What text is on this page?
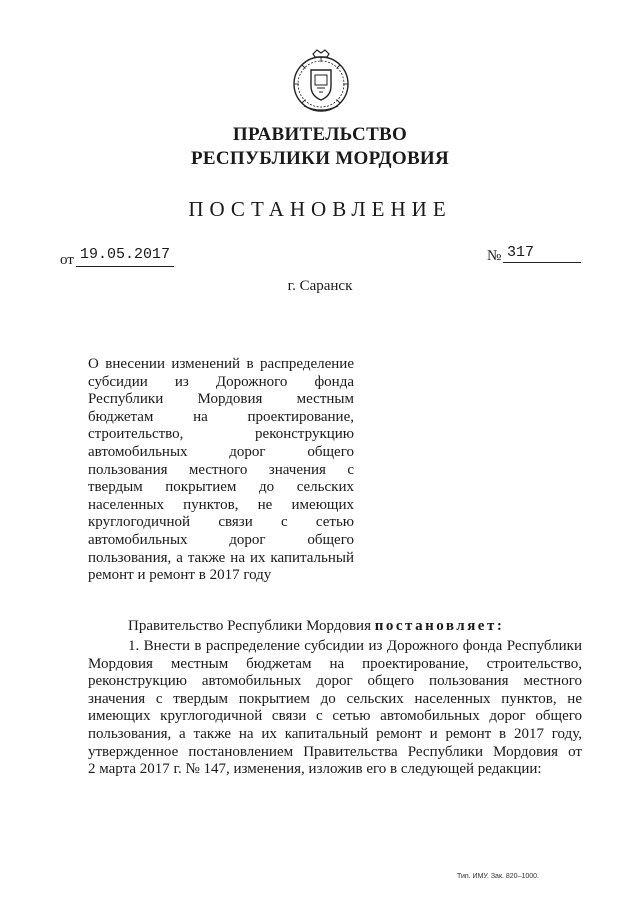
ПРАВИТЕЛЬСТВО
РЕСПУБЛИКИ МОРДОВИЯ
ПОСТАНОВЛЕНИЕ
от 19.05.2017	№ 317
г. Саранск
О внесении изменений в распределение
субсидии из Дорожного фонда
Республики Мордовия местным
бюджетам на проектирование,
строительство, реконструкцию
автомобильных дорог общего
пользования местного значения с
твердым покрытием до сельских
населенных пунктов, не имеющих
круглогодичной связи с сетью
автомобильных дорог общего
пользования, а также на их капитальный
ремонт и ремонт в 2017 году
Правительство Республики Мордовия постановляет:
1. Внести в распределение субсидии из Дорожного фонда Республики
Мордовия местным бюджетам на проектирование, строительство,
реконструкцию автомобильных дорог общего пользования местного
значения с твердым покрытием до сельских населенных пунктов, не
имеющих круглогодичной связи с сетью автомобильных дорог общего
пользования, а также на их капитальный ремонт и ремонт в 2017 году,
утвержденное постановлением Правительства Республики Мордовия от
2 марта 2017 г. № 147, изменения, изложив его в следующей редакции:
Тип. ИМУ. Зак. 820–1000.
